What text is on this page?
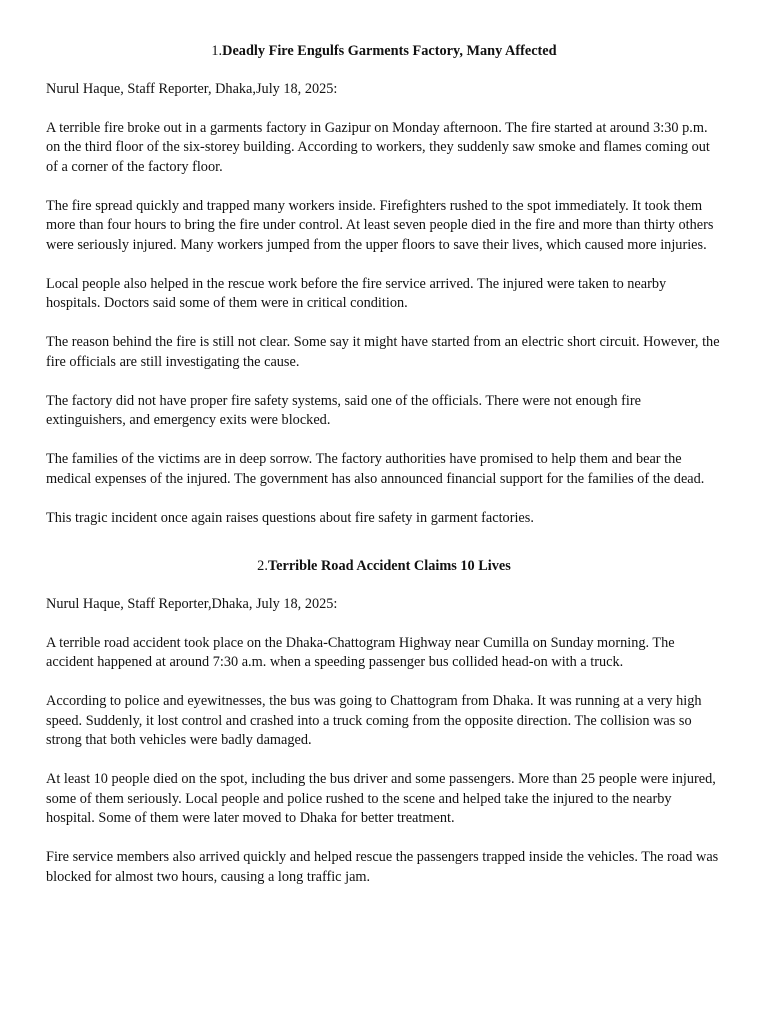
1.Deadly Fire Engulfs Garments Factory, Many Affected

Nurul Haque, Staff Reporter, Dhaka,July 18, 2025:

A terrible fire broke out in a garments factory in Gazipur on Monday afternoon. The fire started at around 3:30 p.m. on the third floor of the six-storey building. According to workers, they suddenly saw smoke and flames coming out of a corner of the factory floor.

The fire spread quickly and trapped many workers inside. Firefighters rushed to the spot immediately. It took them more than four hours to bring the fire under control. At least seven people died in the fire and more than thirty others were seriously injured. Many workers jumped from the upper floors to save their lives, which caused more injuries.

Local people also helped in the rescue work before the fire service arrived. The injured were taken to nearby hospitals. Doctors said some of them were in critical condition.

The reason behind the fire is still not clear. Some say it might have started from an electric short circuit. However, the fire officials are still investigating the cause.

The factory did not have proper fire safety systems, said one of the officials. There were not enough fire extinguishers, and emergency exits were blocked.

The families of the victims are in deep sorrow. The factory authorities have promised to help them and bear the medical expenses of the injured. The government has also announced financial support for the families of the dead.

This tragic incident once again raises questions about fire safety in garment factories.

2.Terrible Road Accident Claims 10 Lives

Nurul Haque, Staff Reporter,Dhaka, July 18, 2025:

A terrible road accident took place on the Dhaka-Chattogram Highway near Cumilla on Sunday morning. The accident happened at around 7:30 a.m. when a speeding passenger bus collided head-on with a truck.

According to police and eyewitnesses, the bus was going to Chattogram from Dhaka. It was running at a very high speed. Suddenly, it lost control and crashed into a truck coming from the opposite direction. The collision was so strong that both vehicles were badly damaged.

At least 10 people died on the spot, including the bus driver and some passengers. More than 25 people were injured, some of them seriously. Local people and police rushed to the scene and helped take the injured to the nearby hospital. Some of them were later moved to Dhaka for better treatment.

Fire service members also arrived quickly and helped rescue the passengers trapped inside the vehicles. The road was blocked for almost two hours, causing a long traffic jam.
